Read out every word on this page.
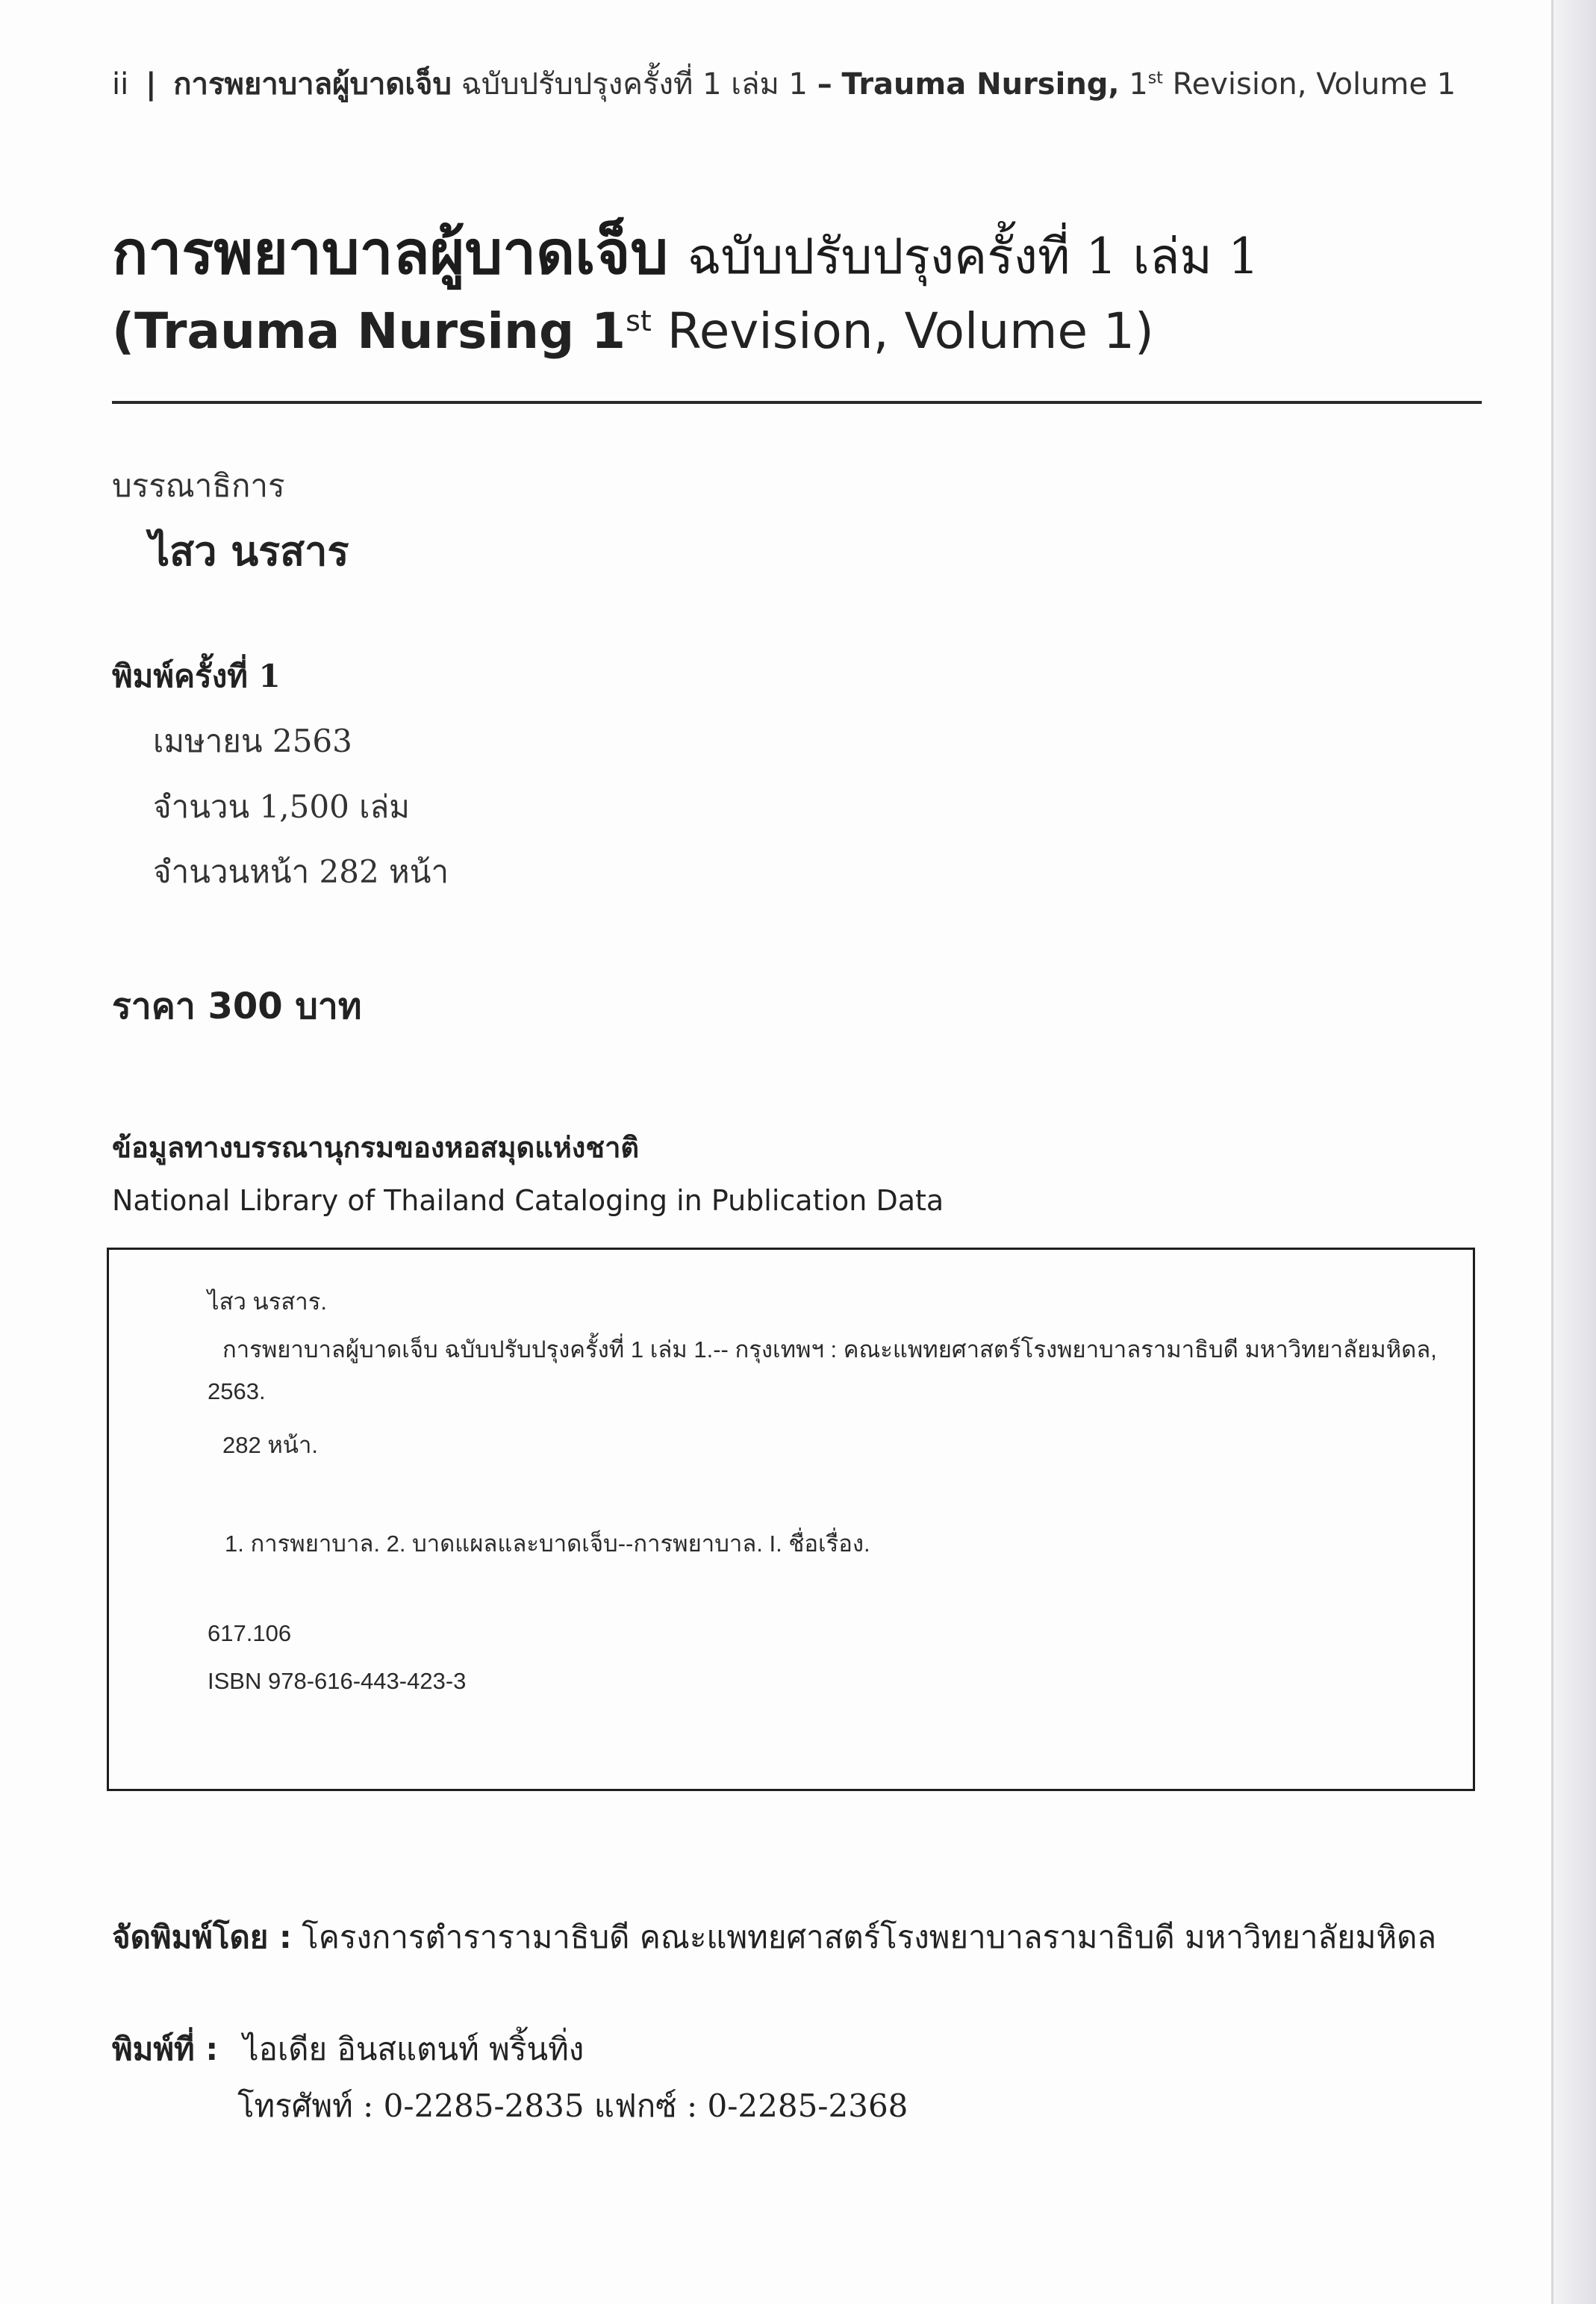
ii | การพยาบาลผู้บาดเจ็บ ฉบับปรับปรุงครั้งที่ 1 เล่ม 1 – Trauma Nursing, 1st Revision, Volume 1
การพยาบาลผู้บาดเจ็บ ฉบับปรับปรุงครั้งที่ 1 เล่ม 1
(Trauma Nursing 1st Revision, Volume 1)
บรรณาธิการ
ไสว นรสาร
พิมพ์ครั้งที่ 1
เมษายน 2563
จำนวน 1,500 เล่ม
จำนวนหน้า 282 หน้า
ราคา 300 บาท
ข้อมูลทางบรรณานุกรมของหอสมุดแห่งชาติ
National Library of Thailand Cataloging in Publication Data
ไสว นรสาร.
การพยาบาลผู้บาดเจ็บ ฉบับปรับปรุงครั้งที่ 1 เล่ม 1.-- กรุงเทพฯ : คณะแพทยศาสตร์โรงพยาบาลรามาธิบดี มหาวิทยาลัยมหิดล,
2563.
282 หน้า.
1. การพยาบาล. 2. บาดแผลและบาดเจ็บ--การพยาบาล. I. ชื่อเรื่อง.
617.106
ISBN 978-616-443-423-3
จัดพิมพ์โดย : โครงการตำรารามาธิบดี คณะแพทยศาสตร์โรงพยาบาลรามาธิบดี มหาวิทยาลัยมหิดล
พิมพ์ที่ : ไอเดีย อินสแตนท์ พริ้นทิ่ง
โทรศัพท์ : 0-2285-2835 แฟกซ์ : 0-2285-2368
